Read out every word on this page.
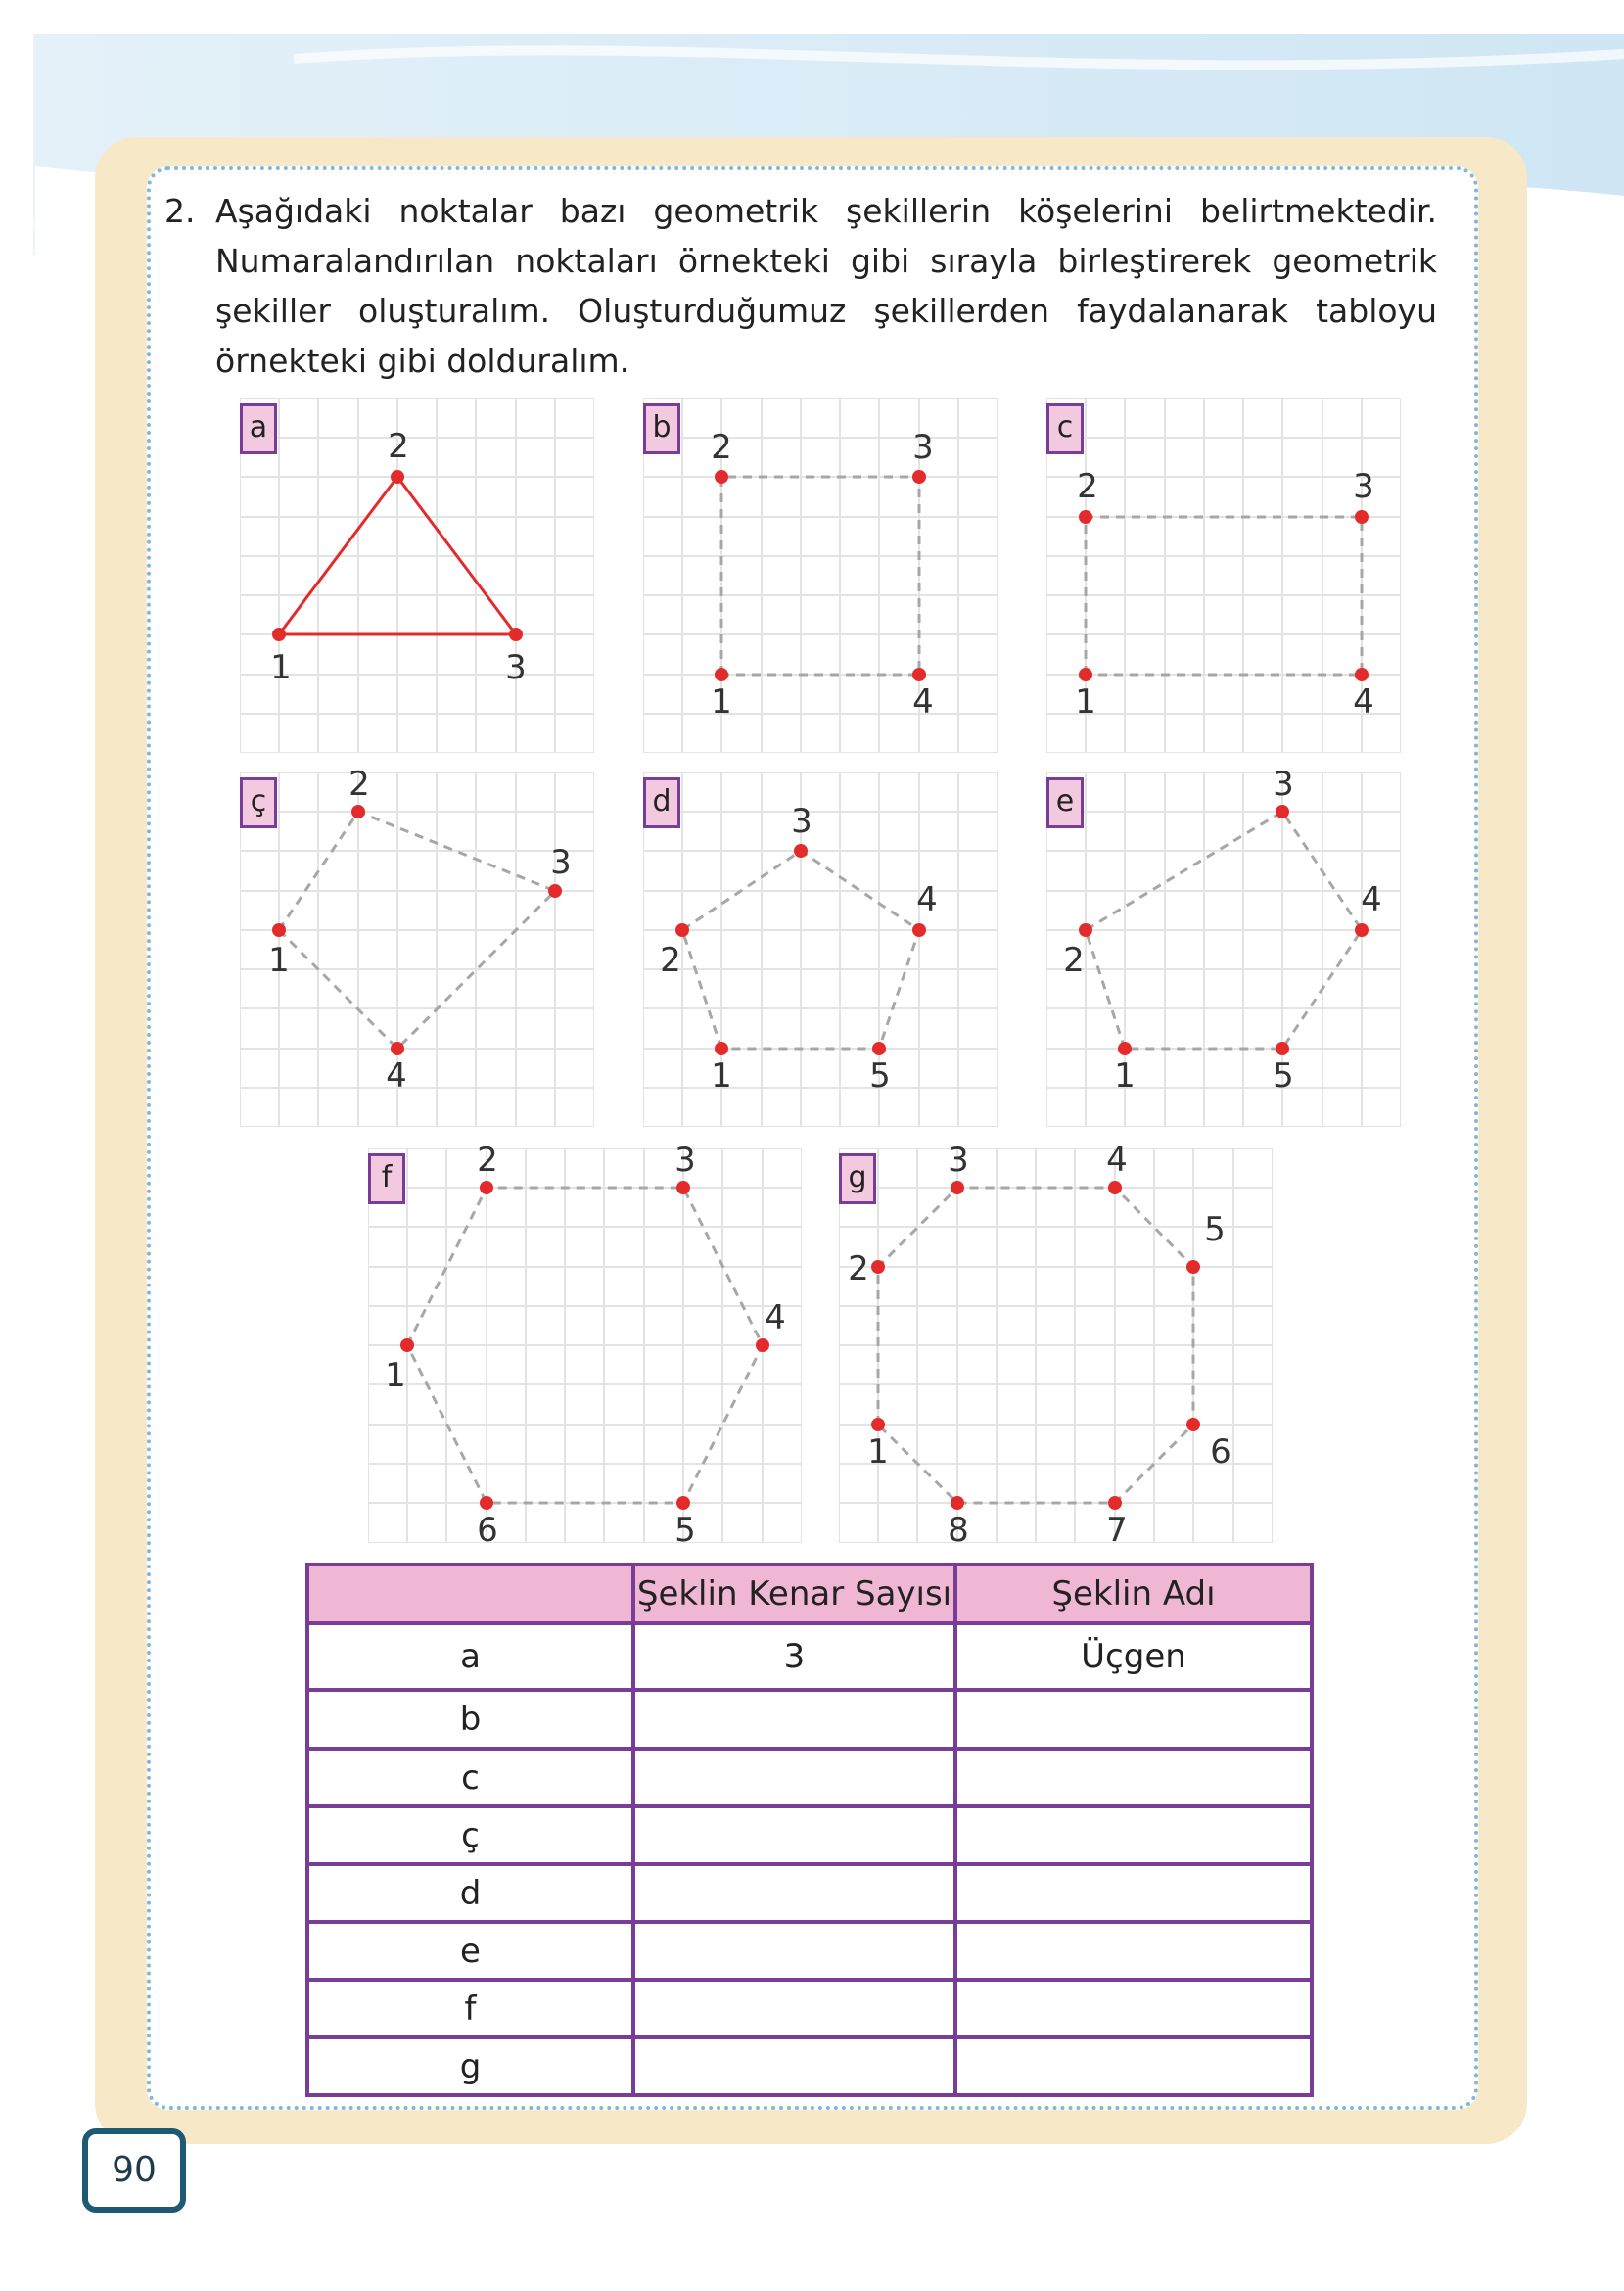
2. Aşağıdaki noktalar bazı geometrik şekillerin köşelerini belirtmektedir. Numaralandırılan noktaları örnekteki gibi sırayla birleştirerek geometrik şekiller oluşturalım. Oluşturduğumuz şekillerden faydalanarak tabloyu örnekteki gibi dolduralım.
a
1
2
3
b
1
2	3
4
c
1
2	3
4
ç
1
2
3
4
d
1
2
3
4
5
e
1
2
3
4
5
f
1
2	3
4
5
6
g
1
2
3	4
5
6
7
8
	Şeklin Kenar Sayısı	Şeklin Adı
a	3	Üçgen
b		
c		
ç		
d		
e		
f		
g		
90
